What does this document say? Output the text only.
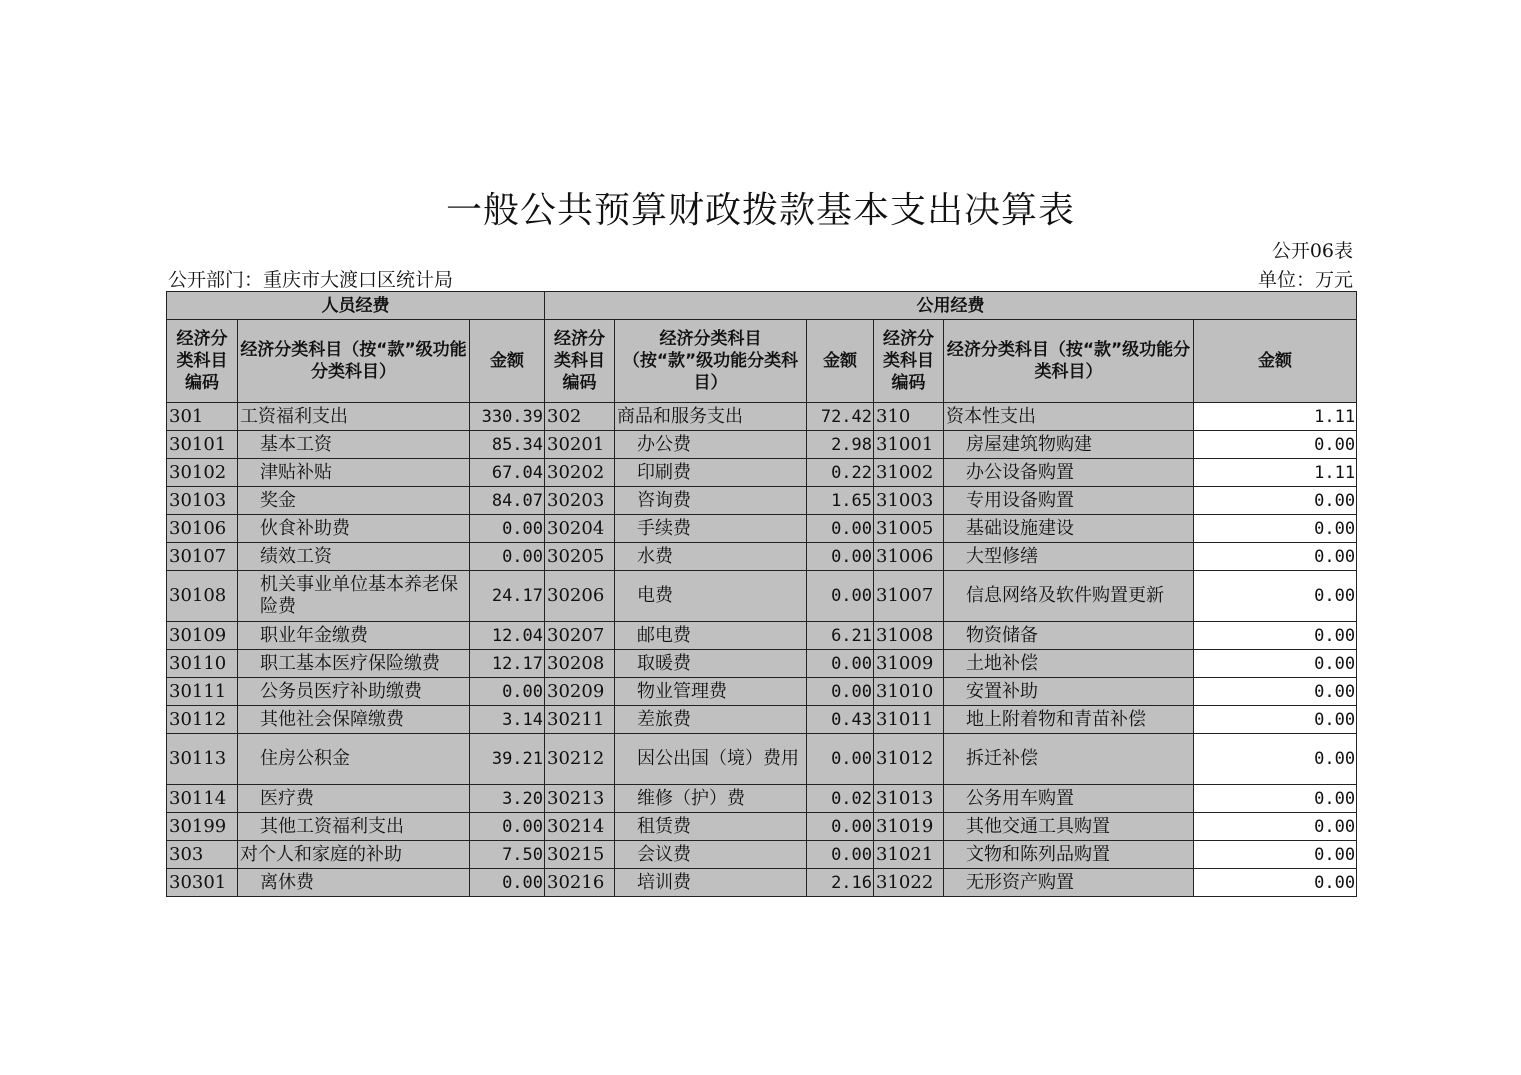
一般公共预算财政拨款基本支出决算表
公开06表
公开部门：重庆市大渡口区统计局	单位：万元
人员经费			公用经费					
经济分类科目编码	经济分类科目（按“款”级功能分类科目）	金额	经济分类科目编码	经济分类科目（按“款”级功能分类科目）	金额	经济分类科目编码	经济分类科目（按“款”级功能分类科目）	金额
301	工资福利支出	330.39	302	商品和服务支出	72.42	310	资本性支出	1.11
30101	基本工资	85.34	30201	办公费	2.98	31001	房屋建筑物购建	0.00
30102	津贴补贴	67.04	30202	印刷费	0.22	31002	办公设备购置	1.11
30103	奖金	84.07	30203	咨询费	1.65	31003	专用设备购置	0.00
30106	伙食补助费	0.00	30204	手续费	0.00	31005	基础设施建设	0.00
30107	绩效工资	0.00	30205	水费	0.00	31006	大型修缮	0.00
30108	机关事业单位基本养老保险费	24.17	30206	电费	0.00	31007	信息网络及软件购置更新	0.00
30109	职业年金缴费	12.04	30207	邮电费	6.21	31008	物资储备	0.00
30110	职工基本医疗保险缴费	12.17	30208	取暖费	0.00	31009	土地补偿	0.00
30111	公务员医疗补助缴费	0.00	30209	物业管理费	0.00	31010	安置补助	0.00
30112	其他社会保障缴费	3.14	30211	差旅费	0.43	31011	地上附着物和青苗补偿	0.00
30113	住房公积金	39.21	30212	因公出国（境）费用	0.00	31012	拆迁补偿	0.00
30114	医疗费	3.20	30213	维修（护）费	0.02	31013	公务用车购置	0.00
30199	其他工资福利支出	0.00	30214	租赁费	0.00	31019	其他交通工具购置	0.00
303	对个人和家庭的补助	7.50	30215	会议费	0.00	31021	文物和陈列品购置	0.00
30301	离休费	0.00	30216	培训费	2.16	31022	无形资产购置	0.00
